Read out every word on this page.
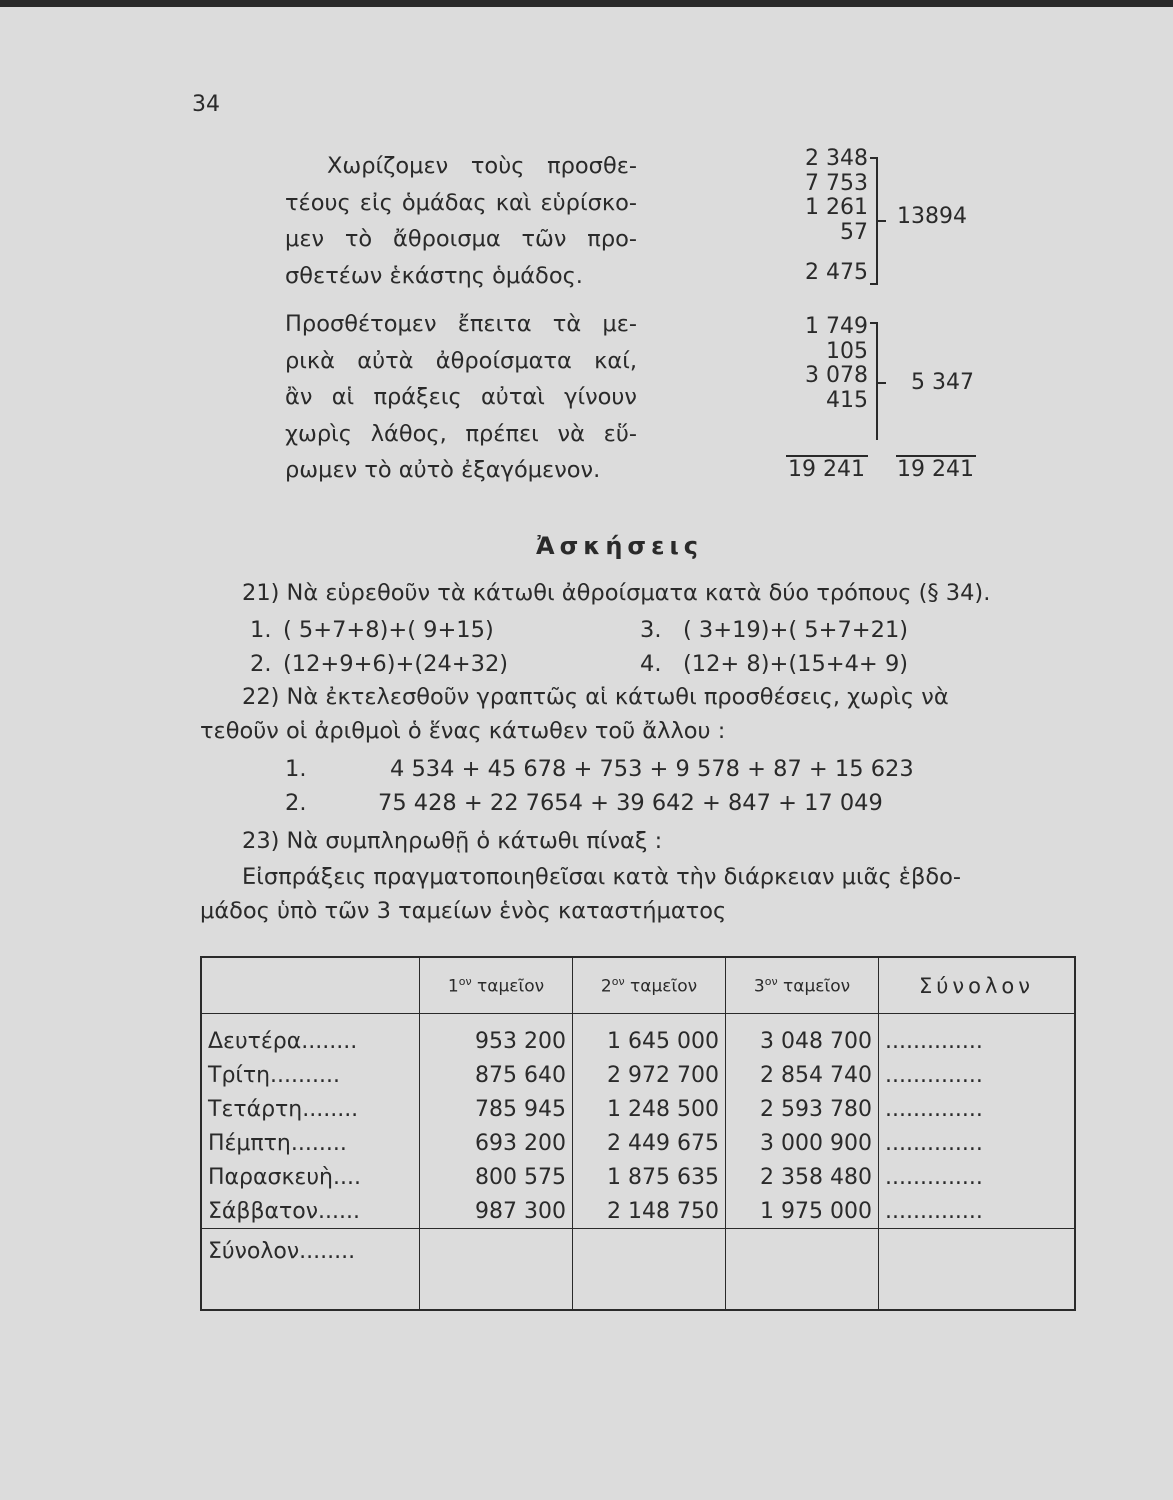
34
Χωρίζομεν τοὺς προσθε-
τέους εἰς ὁμάδας καὶ εὑρίσκο-
μεν τὸ ἄθροισμα τῶν προ-
σθετέων ἑκάστης ὁμάδος.
Προσθέτομεν ἔπειτα τὰ με-
ρικὰ αὐτὰ ἀθροίσματα καί,
ἂν αἱ πράξεις αὐταὶ γίνουν
χωρὶς λάθος, πρέπει νὰ εὕ-
ρωμεν τὸ αὐτὸ ἐξαγόμενον.
2 348
7 753
1 261
57
2 475
13894
1 749
105
3 078
415
5 347
19 241 19 241
Ἀσκήσεις
21) Νὰ εὑρεθοῦν τὰ κάτωθι ἀθροίσματα κατὰ δύο τρόπους (§ 34).
1. ( 5+7+8)+( 9+15)	3. ( 3+19)+( 5+7+21)
2. (12+9+6)+(24+32)	4. (12+ 8)+(15+4+ 9)
22) Νὰ ἐκτελεσθοῦν γραπτῶς αἱ κάτωθι προσθέσεις, χωρὶς νὰ
τεθοῦν οἱ ἀριθμοὶ ὁ ἕνας κάτωθεν τοῦ ἄλλου :
1.	4 534 + 45 678 + 753 + 9 578 + 87 + 15 623
2.	75 428 + 22 7654 + 39 642 + 847 + 17 049
23) Νὰ συμπληρωθῇ ὁ κάτωθι πίναξ :
Εἰσπράξεις πραγματοποιηθεῖσαι κατὰ τὴν διάρκειαν μιᾶς ἑβδο-
μάδος ὑπὸ τῶν 3 ταμείων ἑνὸς καταστήματος
	$1^{o\nu}$ ταμεῖον	$2^{o\nu}$ ταμεῖον	$3^{o\nu}$ ταμεῖον	Σύνολον
Δευτέρα........	953 200	1 645 000	3 048 700	..............
Τρίτη..........	875 640	2 972 700	2 854 740	..............
Τετάρτη........	785 945	1 248 500	2 593 780	..............
Πέμπτη........	693 200	2 449 675	3 000 900	..............
Παρασκευὴ....	800 575	1 875 635	2 358 480	..............
Σάββατον......	987 300	2 148 750	1 975 000	..............
Σύνολον........				
